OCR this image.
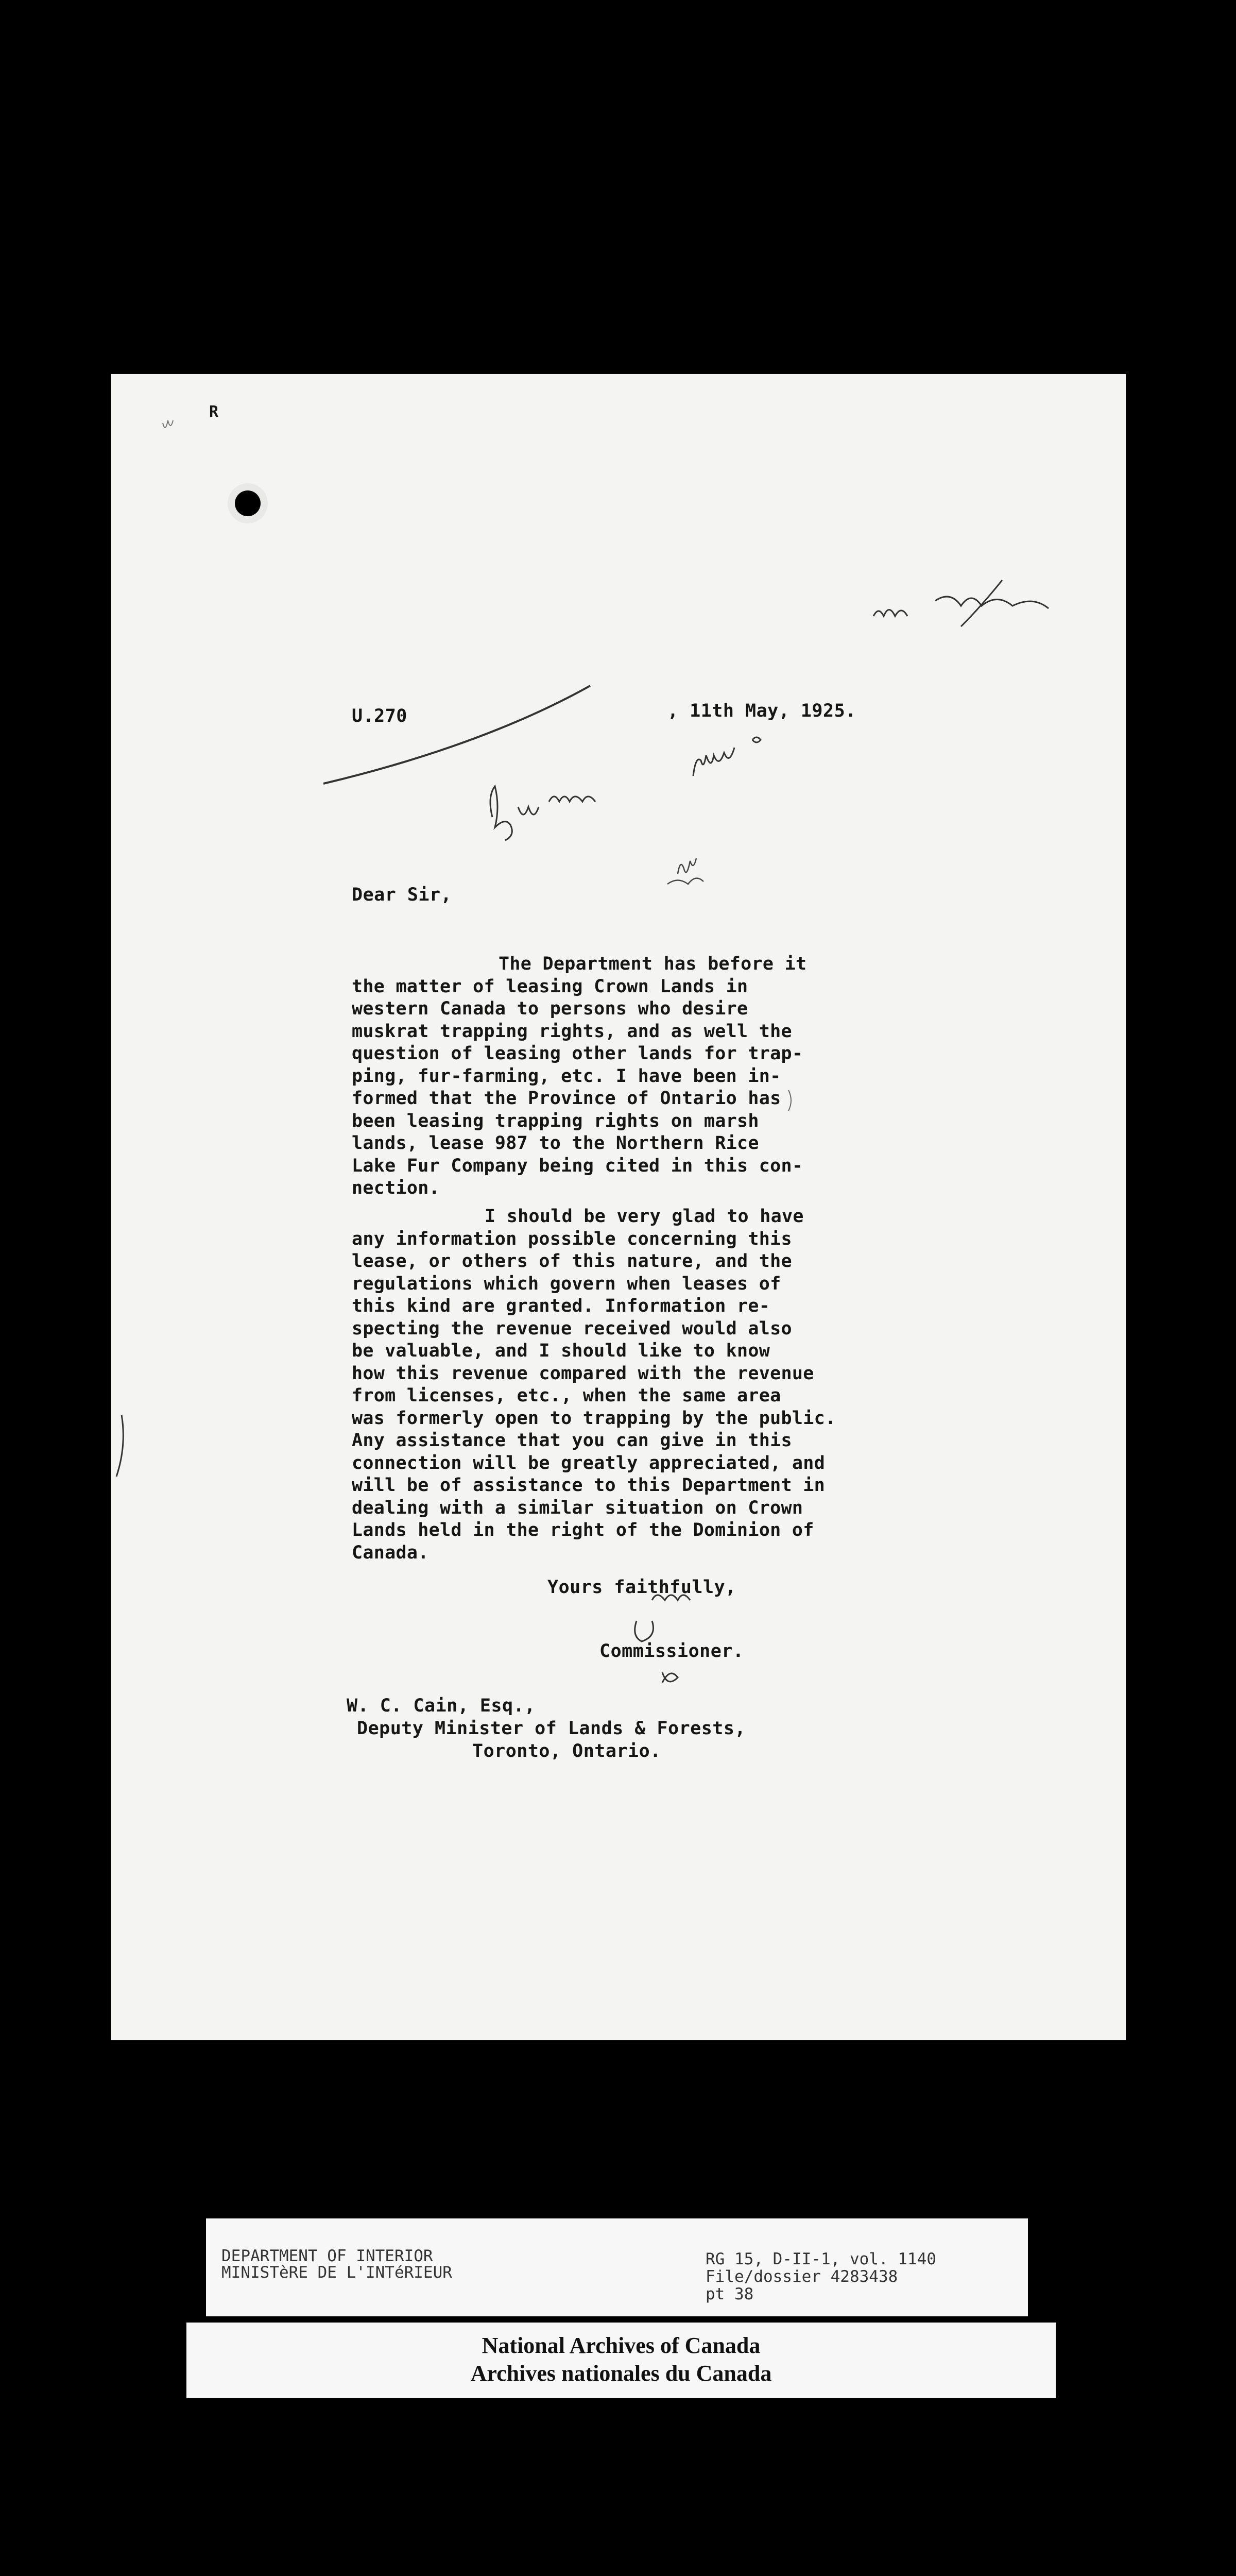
R
U.270	, 11th May, 1925.
Dear Sir,
The Department has before it
the matter of leasing Crown Lands in
western Canada to persons who desire
muskrat trapping rights, and as well the
question of leasing other lands for trap-
ping, fur-farming, etc. I have been in-
formed that the Province of Ontario has
been leasing trapping rights on marsh
lands, lease 987 to the Northern Rice
Lake Fur Company being cited in this con-
nection.
I should be very glad to have
any information possible concerning this
lease, or others of this nature, and the
regulations which govern when leases of
this kind are granted. Information re-
specting the revenue received would also
be valuable, and I should like to know
how this revenue compared with the revenue
from licenses, etc., when the same area
was formerly open to trapping by the public.
Any assistance that you can give in this
connection will be greatly appreciated, and
will be of assistance to this Department in
dealing with a similar situation on Crown
Lands held in the right of the Dominion of
Canada.
Yours faithfully,
Commissioner.
W. C. Cain, Esq.,
Deputy Minister of Lands & Forests,
Toronto, Ontario.
DEPARTMENT OF INTERIOR
MINISTèRE DE L'INTéRIEUR
RG 15, D-II-1, vol. 1140
File/dossier 4283438
pt 38
National Archives of Canada
Archives nationales du Canada
